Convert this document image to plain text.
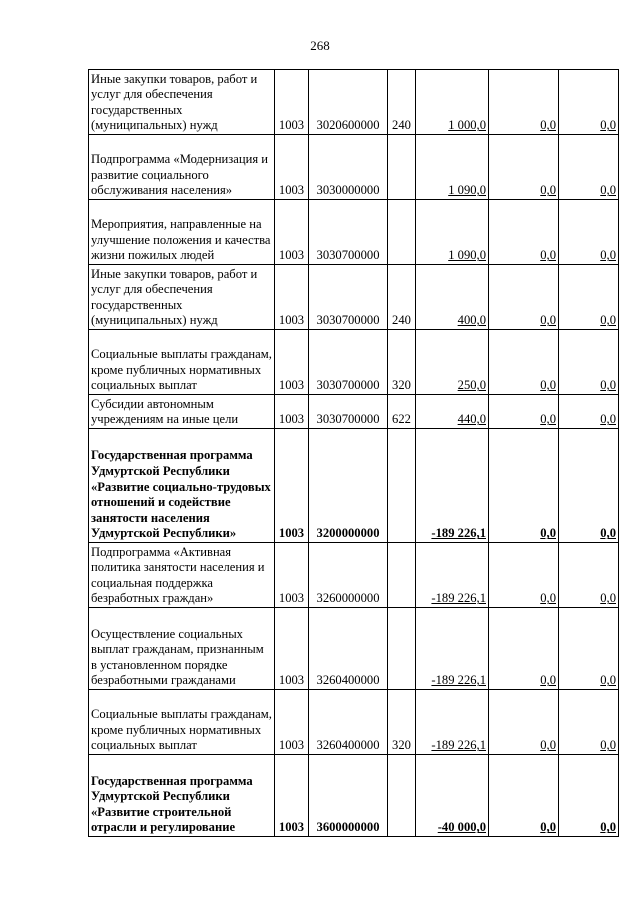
268
Иные закупки товаров, работ и услуг для обеспечения государственных (муниципальных) нужд	1003	3020600000	240	1 000,0	0,0	0,0
Подпрограмма «Модернизация и развитие социального обслуживания населения»	1003	3030000000		1 090,0	0,0	0,0
Мероприятия, направленные на улучшение положения и качества жизни пожилых людей	1003	3030700000		1 090,0	0,0	0,0
Иные закупки товаров, работ и услуг для обеспечения государственных (муниципальных) нужд	1003	3030700000	240	400,0	0,0	0,0
Социальные выплаты гражданам, кроме публичных нормативных социальных выплат	1003	3030700000	320	250,0	0,0	0,0
Субсидии автономным учреждениям на иные цели	1003	3030700000	622	440,0	0,0	0,0
Государственная программа Удмуртской Республики «Развитие социально-трудовых отношений и содействие занятости населения Удмуртской Республики»	1003	3200000000		-189 226,1	0,0	0,0
Подпрограмма «Активная политика занятости населения и социальная поддержка безработных граждан»	1003	3260000000		-189 226,1	0,0	0,0
Осуществление социальных выплат гражданам, признанным в установленном порядке безработными гражданами	1003	3260400000		-189 226,1	0,0	0,0
Социальные выплаты гражданам, кроме публичных нормативных социальных выплат	1003	3260400000	320	-189 226,1	0,0	0,0
Государственная программа Удмуртской Республики «Развитие строительной отрасли и регулирование	1003	3600000000		-40 000,0	0,0	0,0
